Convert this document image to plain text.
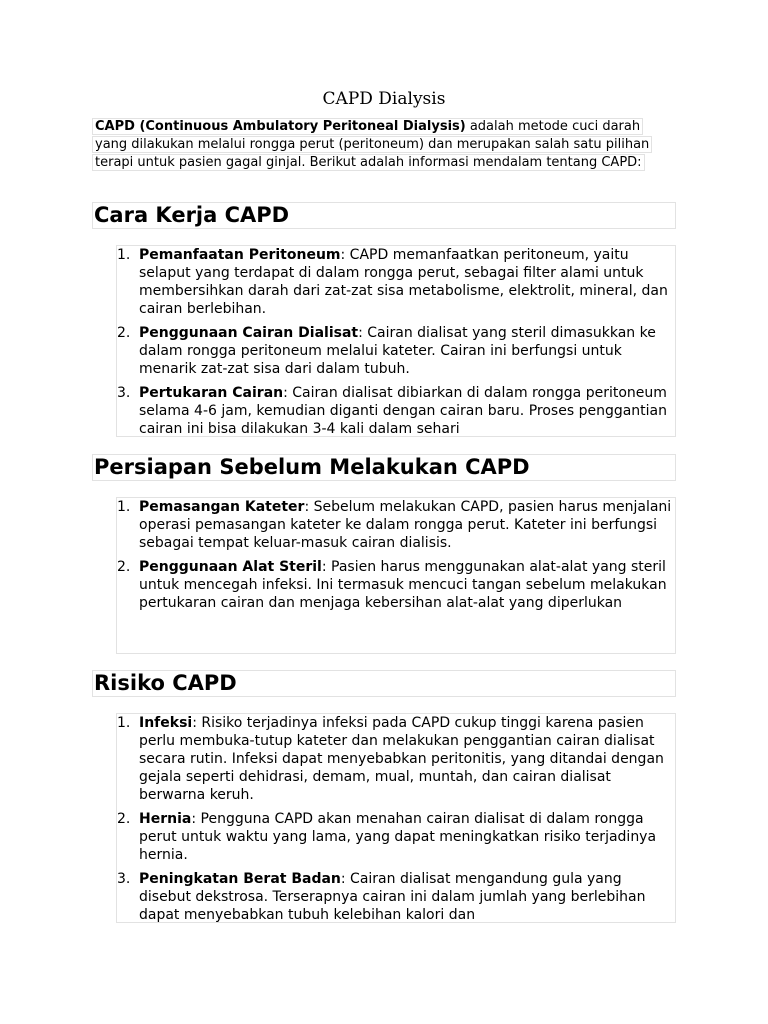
CAPD Dialysis
CAPD (Continuous Ambulatory Peritoneal Dialysis) adalah metode cuci darah yang dilakukan melalui rongga perut (peritoneum) dan merupakan salah satu pilihan terapi untuk pasien gagal ginjal. Berikut adalah informasi mendalam tentang CAPD:
Cara Kerja CAPD
1. Pemanfaatan Peritoneum: CAPD memanfaatkan peritoneum, yaitu selaput yang terdapat di dalam rongga perut, sebagai filter alami untuk membersihkan darah dari zat-zat sisa metabolisme, elektrolit, mineral, dan cairan berlebihan.
2. Penggunaan Cairan Dialisat: Cairan dialisat yang steril dimasukkan ke dalam rongga peritoneum melalui kateter. Cairan ini berfungsi untuk menarik zat-zat sisa dari dalam tubuh.
3. Pertukaran Cairan: Cairan dialisat dibiarkan di dalam rongga peritoneum selama 4-6 jam, kemudian diganti dengan cairan baru. Proses penggantian cairan ini bisa dilakukan 3-4 kali dalam sehari
Persiapan Sebelum Melakukan CAPD
1. Pemasangan Kateter: Sebelum melakukan CAPD, pasien harus menjalani operasi pemasangan kateter ke dalam rongga perut. Kateter ini berfungsi sebagai tempat keluar-masuk cairan dialisis.
2. Penggunaan Alat Steril: Pasien harus menggunakan alat-alat yang steril untuk mencegah infeksi. Ini termasuk mencuci tangan sebelum melakukan pertukaran cairan dan menjaga kebersihan alat-alat yang diperlukan
Risiko CAPD
1. Infeksi: Risiko terjadinya infeksi pada CAPD cukup tinggi karena pasien perlu membuka-tutup kateter dan melakukan penggantian cairan dialisat secara rutin. Infeksi dapat menyebabkan peritonitis, yang ditandai dengan gejala seperti dehidrasi, demam, mual, muntah, dan cairan dialisat berwarna keruh.
2. Hernia: Pengguna CAPD akan menahan cairan dialisat di dalam rongga perut untuk waktu yang lama, yang dapat meningkatkan risiko terjadinya hernia.
3. Peningkatan Berat Badan: Cairan dialisat mengandung gula yang disebut dekstrosa. Terserapnya cairan ini dalam jumlah yang berlebihan dapat menyebabkan tubuh kelebihan kalori dan
